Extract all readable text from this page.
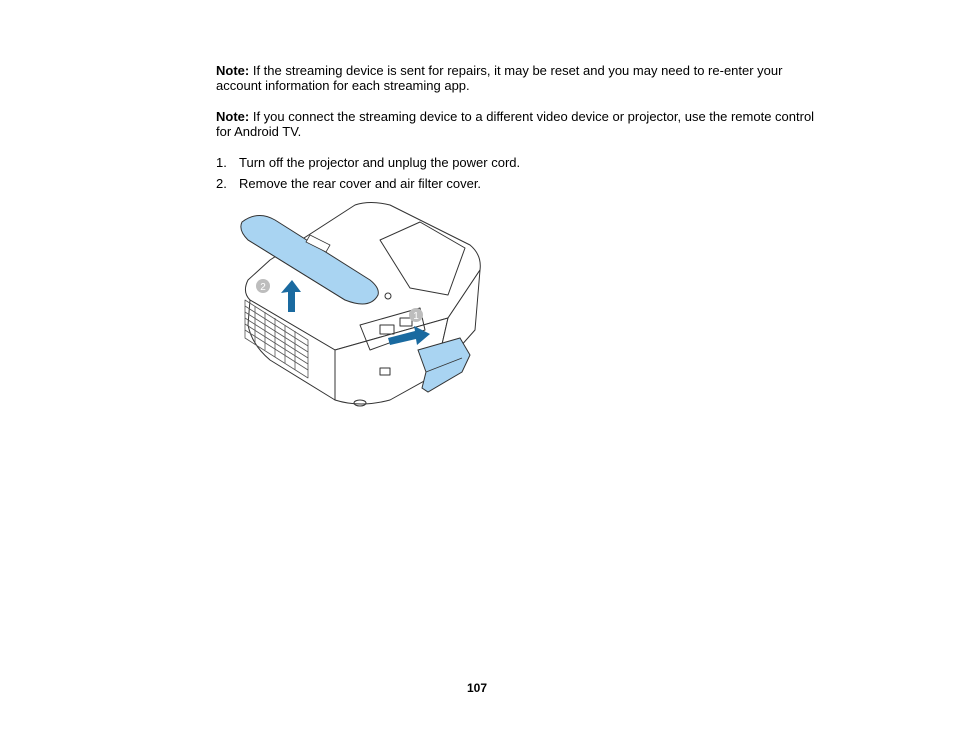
Note: If the streaming device is sent for repairs, it may be reset and you may need to re-enter your account information for each streaming app.

Note: If you connect the streaming device to a different video device or projector, use the remote control for Android TV.

1. Turn off the projector and unplug the power cord.

2. Remove the rear cover and air filter cover.

2
1
107
